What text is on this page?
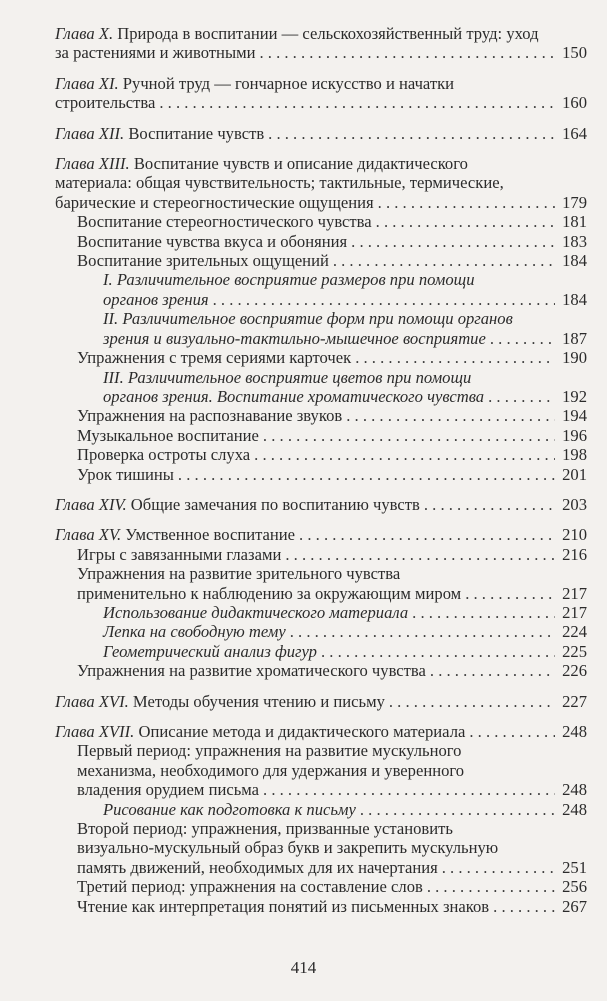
Глава X. Природа в воспитании — сельскохозяйственный труд: уход
за растениями и животными . . .	150
Глава XI. Ручной труд — гончарное искусство и начатки
строительства . . .	160
Глава XII. Воспитание чувств . . .	164
Глава XIII. Воспитание чувств и описание дидактического
материала: общая чувствительность; тактильные, термические,
барические и стереогностические ощущения . . .	179
Воспитание стереогностического чувства . . .	181
Воспитание чувства вкуса и обоняния . . .	183
Воспитание зрительных ощущений . . .	184
I. Различительное восприятие размеров при помощи
органов зрения . . .	184
II. Различительное восприятие форм при помощи органов
зрения и визуально-тактильно-мышечное восприятие . . .	187
Упражнения с тремя сериями карточек . . .	190
III. Различительное восприятие цветов при помощи
органов зрения. Воспитание хроматического чувства . . .	192
Упражнения на распознавание звуков . . .	194
Музыкальное воспитание . . .	196
Проверка остроты слуха . . .	198
Урок тишины . . .	201
Глава XIV. Общие замечания по воспитанию чувств . . .	203
Глава XV. Умственное воспитание . . .	210
Игры с завязанными глазами . . .	216
Упражнения на развитие зрительного чувства
применительно к наблюдению за окружающим миром . . .	217
Использование дидактического материала . . .	217
Лепка на свободную тему . . .	224
Геометрический анализ фигур . . .	225
Упражнения на развитие хроматического чувства . . .	226
Глава XVI. Методы обучения чтению и письму . . .	227
Глава XVII. Описание метода и дидактического материала . . .	248
Первый период: упражнения на развитие мускульного
механизма, необходимого для удержания и уверенного
владения орудием письма . . .	248
Рисование как подготовка к письму . . .	248
Второй период: упражнения, призванные установить
визуально-мускульный образ букв и закрепить мускульную
память движений, необходимых для их начертания . . .	251
Третий период: упражнения на составление слов . . .	256
Чтение как интерпретация понятий из письменных знаков . . .	267
414
